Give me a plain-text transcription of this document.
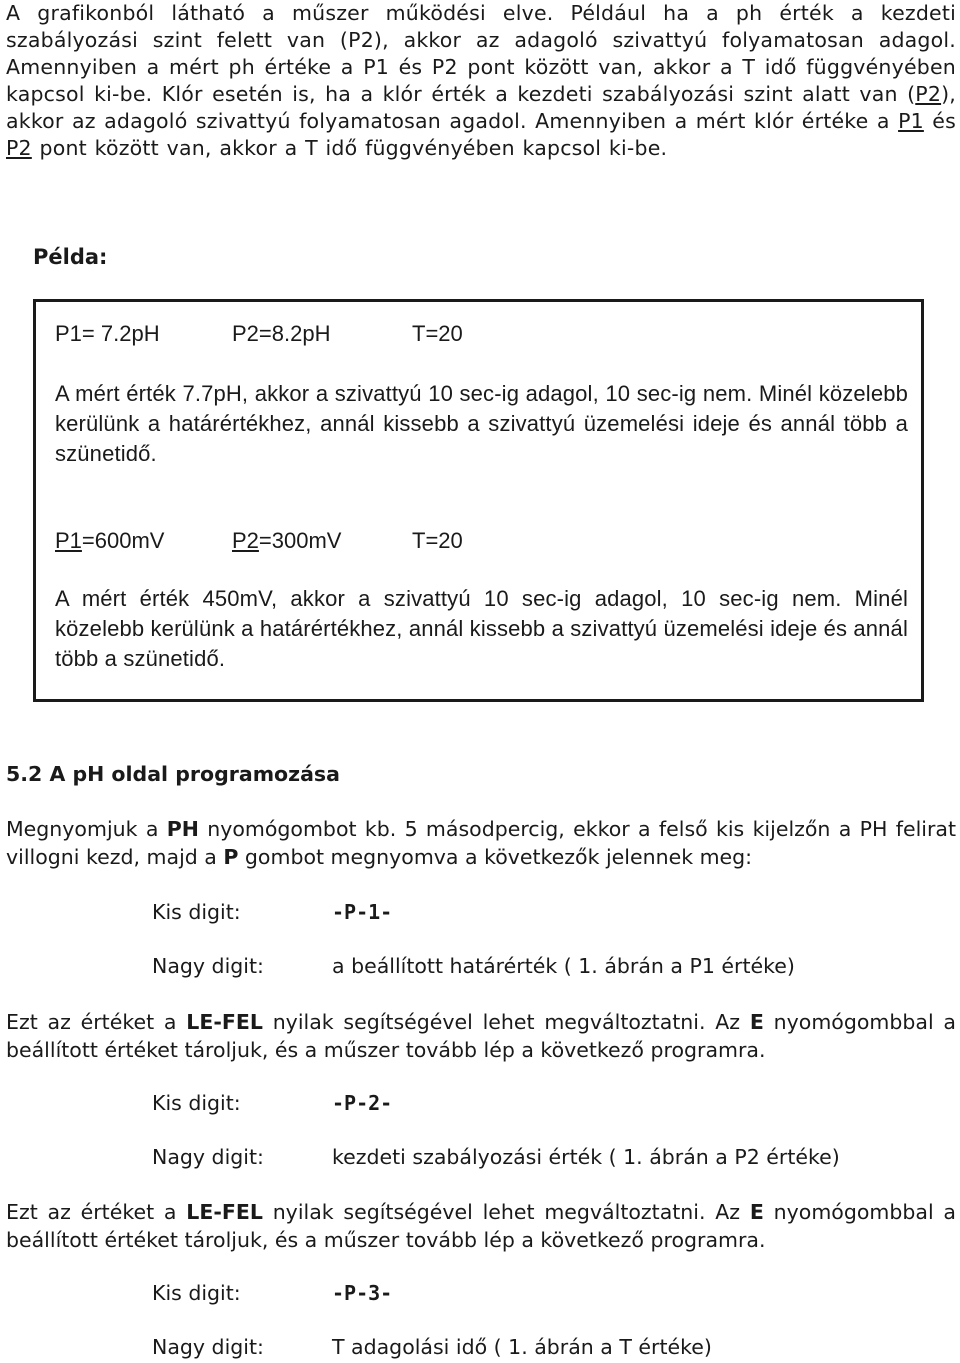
A grafikonból látható a műszer működési elve. Például ha a ph érték a kezdeti szabályozási szint felett van (P2), akkor az adagoló szivattyú folyamatosan adagol. Amennyiben a mért ph értéke a P1 és P2 pont között van, akkor a T idő függvényében kapcsol ki-be. Klór esetén is, ha a klór érték a kezdeti szabályozási szint alatt van (P2), akkor az adagoló szivattyú folyamatosan agadol. Amennyiben a mért klór értéke a P1 és P2 pont között van, akkor a T idő függvényében kapcsol ki-be.

Példa:
P1= 7.2pH	P2=8.2pH	T=20

A mért érték 7.7pH, akkor a szivattyú 10 sec-ig adagol, 10 sec-ig nem. Minél közelebb kerülünk a határértékhez, annál kissebb a szivattyú üzemelési ideje és annál több a szünetidő.

P1=600mV	P2=300mV	T=20

A mért érték 450mV, akkor a szivattyú 10 sec-ig adagol, 10 sec-ig nem. Minél közelebb kerülünk a határértékhez, annál kissebb a szivattyú üzemelési ideje és annál több a szünetidő.

5.2 A pH oldal programozása

Megnyomjuk a PH nyomógombot kb. 5 másodpercig, ekkor a felső kis kijelzőn a PH felirat villogni kezd, majd a P gombot megnyomva a következők jelennek meg:

Kis digit:	-P-1-
Nagy digit:	a beállított határérték ( 1. ábrán a P1 értéke)

Ezt az értéket a LE-FEL nyilak segítségével lehet megváltoztatni. Az E nyomógombbal a beállított értéket tároljuk, és a műszer tovább lép a következő programra.

Kis digit:	-P-2-
Nagy digit:	kezdeti szabályozási érték ( 1. ábrán a P2 értéke)

Ezt az értéket a LE-FEL nyilak segítségével lehet megváltoztatni. Az E nyomógombbal a beállított értéket tároljuk, és a műszer tovább lép a következő programra.

Kis digit:	-P-3-
Nagy digit:	T adagolási idő ( 1. ábrán a T értéke)
